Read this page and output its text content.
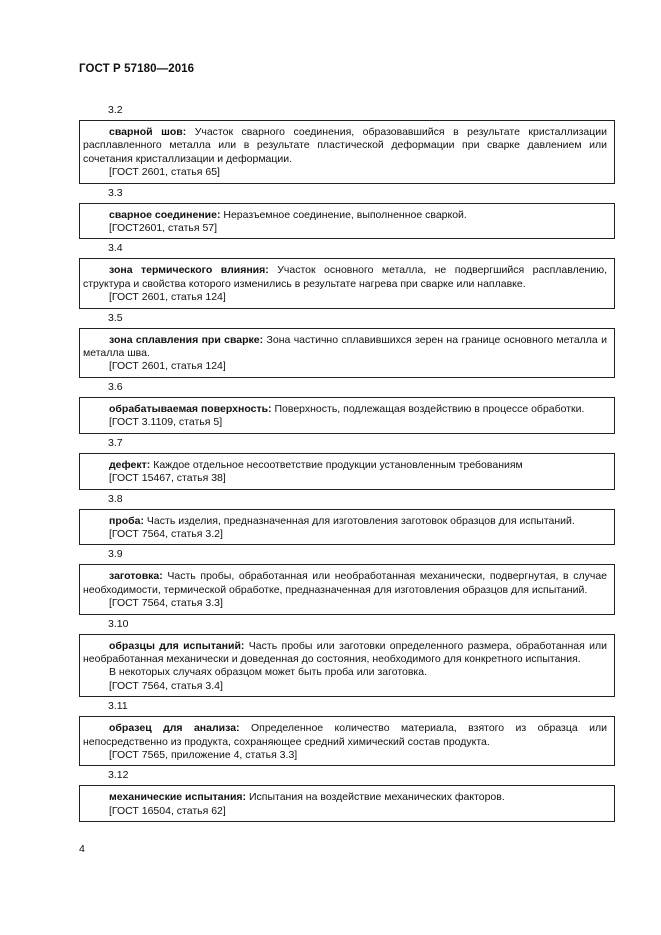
ГОСТ Р 57180—2016
3.2

сварной шов: Участок сварного соединения, образовавшийся в результате кристаллизации расплавленного металла или в результате пластической деформации при сварке давлением или сочетания кристаллизации и деформации.

[ГОСТ 2601, статья 65]

3.3

сварное соединение: Неразъемное соединение, выполненное сваркой.

[ГОСТ2601, статья 57]

3.4

зона термического влияния: Участок основного металла, не подвергшийся расплавлению, структура и свойства которого изменились в результате нагрева при сварке или наплавке.

[ГОСТ 2601, статья 124]

3.5

зона сплавления при сварке: Зона частично сплавившихся зерен на границе основного металла и металла шва.

[ГОСТ 2601, статья 124]

3.6

обрабатываемая поверхность: Поверхность, подлежащая воздействию в процессе обработки.

[ГОСТ 3.1109, статья 5]

3.7

дефект: Каждое отдельное несоответствие продукции установленным требованиям

[ГОСТ 15467, статья 38]

3.8

проба: Часть изделия, предназначенная для изготовления заготовок образцов для испытаний.

[ГОСТ 7564, статья 3.2]

3.9

заготовка: Часть пробы, обработанная или необработанная механически, подвергнутая, в случае необходимости, термической обработке, предназначенная для изготовления образцов для испытаний.

[ГОСТ 7564, статья 3.3]

3.10

образцы для испытаний: Часть пробы или заготовки определенного размера, обработанная или необработанная механически и доведенная до состояния, необходимого для конкретного испытания.

В некоторых случаях образцом может быть проба или заготовка.

[ГОСТ 7564, статья 3.4]

3.11

образец для анализа: Определенное количество материала, взятого из образца или непосредственно из продукта, сохраняющее средний химический состав продукта.

[ГОСТ 7565, приложение 4, статья 3.3]

3.12

механические испытания: Испытания на воздействие механических факторов.

[ГОСТ 16504, статья 62]

4
